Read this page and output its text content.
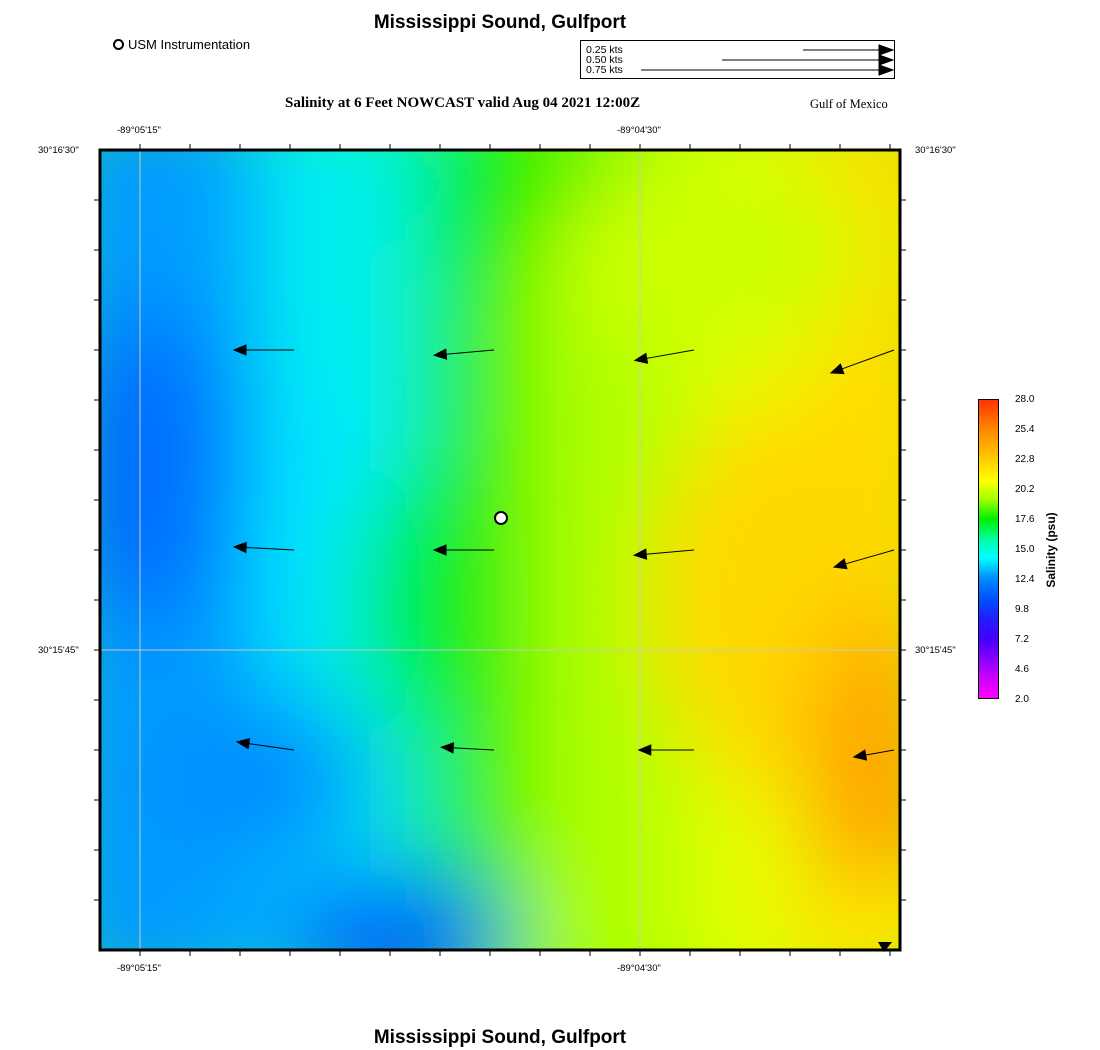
Mississippi Sound, Gulfport
USM Instrumentation	0.25 kts
0.50 kts
0.75 kts
Salinity at 6 Feet NOWCAST valid Aug 04 2021 12:00Z	Gulf of Mexico
-89°05'15"	-89°04'30"
-89°05'15"	-89°04'30"
30°16'30"
30°15'45"
30°16'30"
30°15'45"
28.0
25.4
22.8
20.2
17.6
15.0
12.4
9.8
7.2
4.6
2.0
Salinity (psu)
Mississippi Sound, Gulfport
